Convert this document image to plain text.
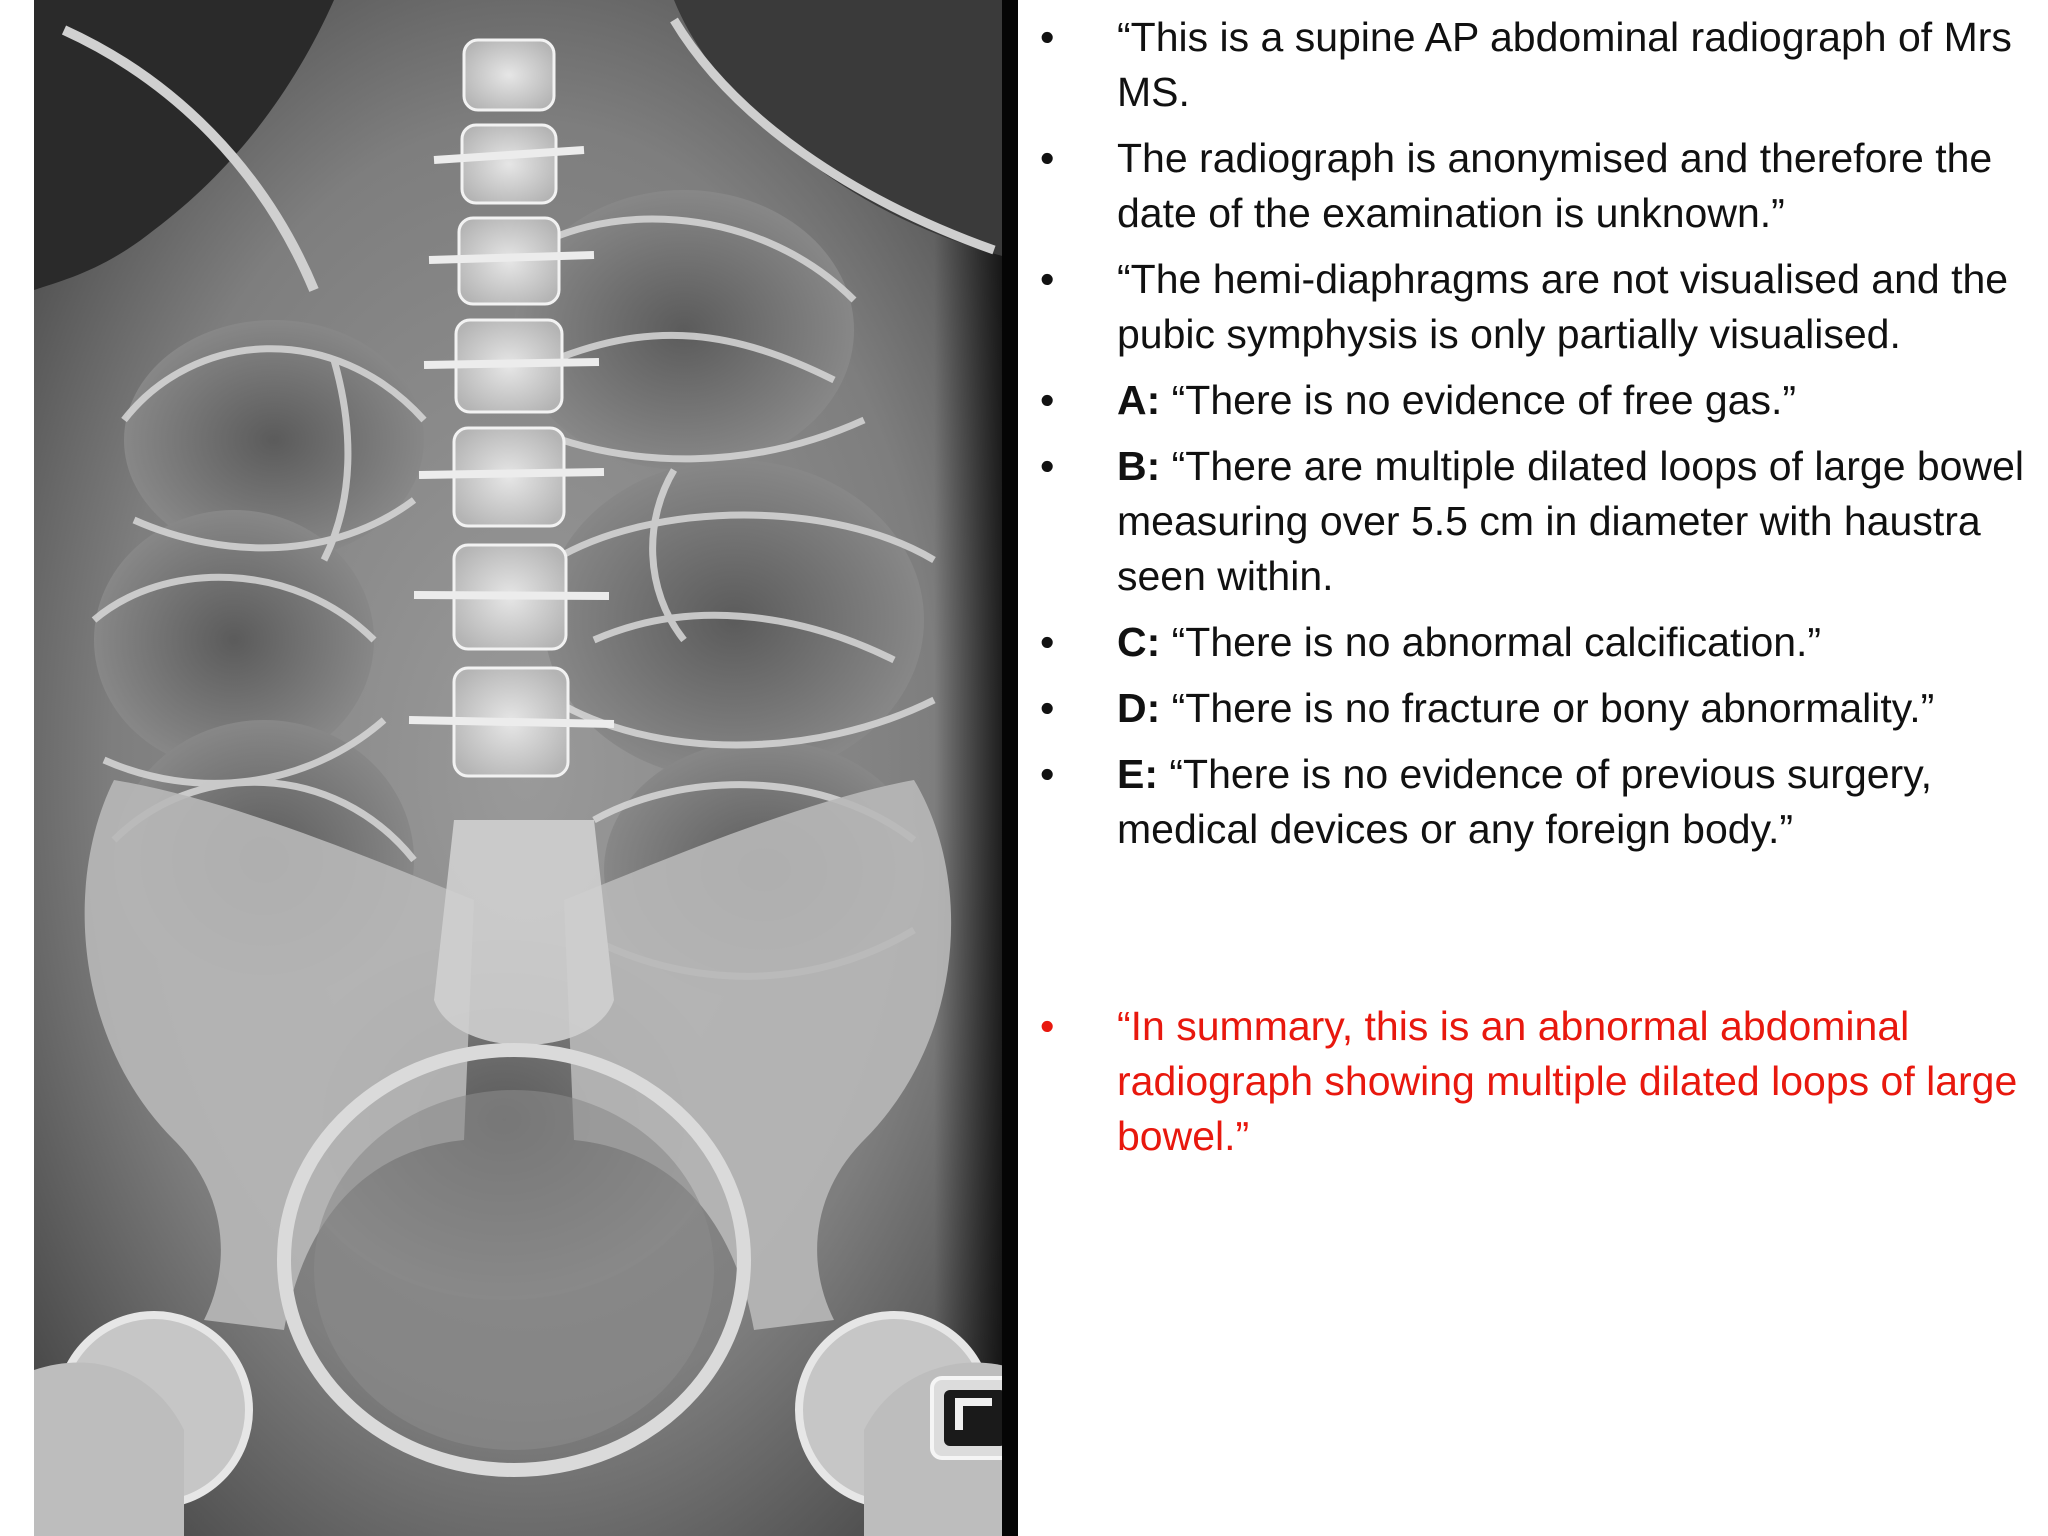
•	“This is a supine AP abdominal radiograph of Mrs MS.
•	The radiograph is anonymised and therefore the date of the examination is unknown.”
•	“The hemi-diaphragms are not visualised and the pubic symphysis is only partially visualised.
•	A: “There is no evidence of free gas.”
•	B: “There are multiple dilated loops of large bowel measuring over 5.5 cm in diameter with haustra seen within.
•	C: “There is no abnormal calcification.”
•	D: “There is no fracture or bony abnormality.”
•	E: “There is no evidence of previous surgery, medical devices or any foreign body.”
•	“In summary, this is an abnormal abdominal radiograph showing multiple dilated loops of large bowel.”
